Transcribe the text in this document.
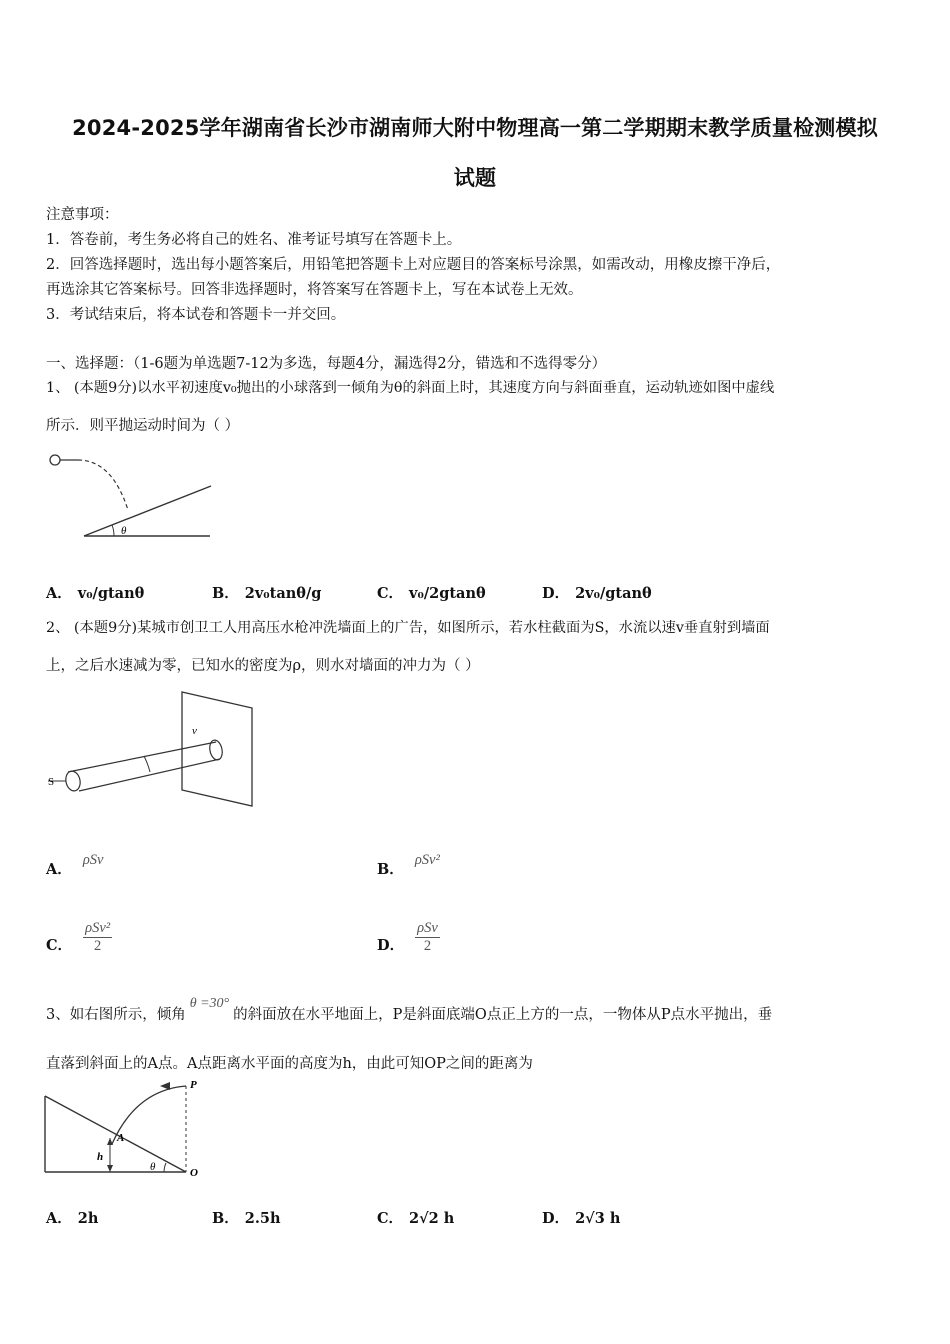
2024-2025学年湖南省长沙市湖南师大附中物理高一第二学期期末教学质量检测模拟
试题
注意事项：
1．答卷前，考生务必将自己的姓名、准考证号填写在答题卡上。
2．回答选择题时，选出每小题答案后，用铅笔把答题卡上对应题目的答案标号涂黑，如需改动，用橡皮擦干净后，
再选涂其它答案标号。回答非选择题时，将答案写在答题卡上，写在本试卷上无效。
3．考试结束后，将本试卷和答题卡一并交回。
一、选择题：（1-6题为单选题7-12为多选，每题4分，漏选得2分，错选和不选得零分）
1、 (本题9分)以水平初速度v₀抛出的小球落到一倾角为θ的斜面上时，其速度方向与斜面垂直，运动轨迹如图中虚线
所示．则平抛运动时间为（ ）
θ
A． v₀/gtanθ	B． 2v₀tanθ/g	C． v₀/2gtanθ	D． 2v₀/gtanθ
2、 (本题9分)某城市创卫工人用高压水枪冲洗墙面上的广告，如图所示，若水柱截面为S，水流以速v垂直射到墙面
上，之后水速减为零，已知水的密度为ρ，则水对墙面的冲力为（ ）
S
v
A． ρSv
B． ρSv²
C． $\frac{\text{ρSv²}}{2}$	D． $\frac{\text{ρSv}}{2}$
3、如右图所示，倾角θ =30°的斜面放在水平地面上，P是斜面底端O点正上方的一点，一物体从P点水平抛出，垂
直落到斜面上的A点。A点距离水平面的高度为h，由此可知OP之间的距离为
P
A
h
θ	O
A． 2h	B． 2.5h	C． 2√2 h	D． 2√3 h
